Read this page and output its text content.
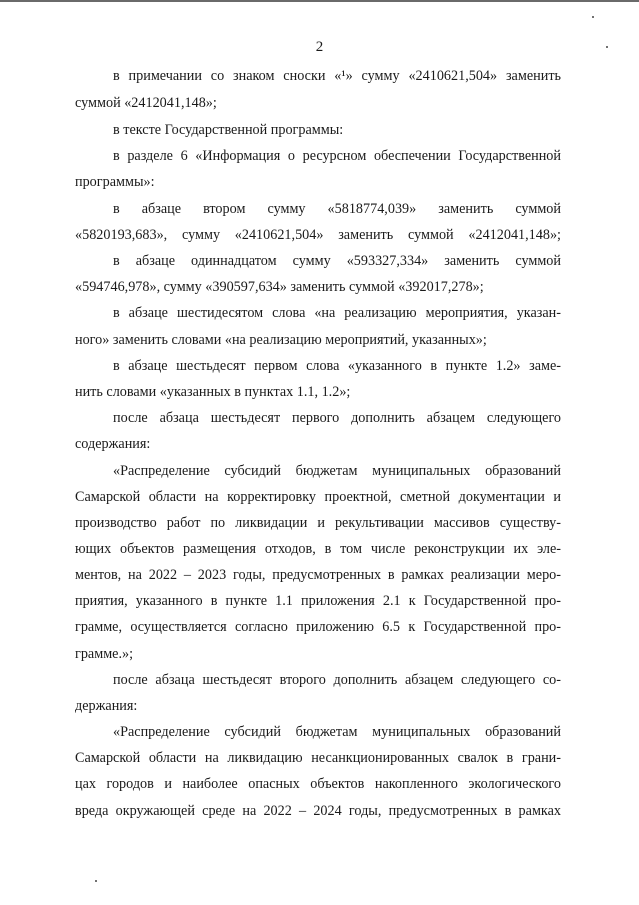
2

в примечании со знаком сноски «¹» сумму «2410621,504» заменить

суммой «2412041,148»;

в тексте Государственной программы:

в разделе 6 «Информация о ресурсном обеспечении Государственной

программы»:

в абзаце втором сумму «5818774,039» заменить суммой

«5820193,683», сумму «2410621,504» заменить суммой «2412041,148»;

в абзаце одиннадцатом сумму «593327,334» заменить суммой

«594746,978», сумму «390597,634» заменить суммой «392017,278»;

в абзаце шестидесятом слова «на реализацию мероприятия, указан-

ного» заменить словами «на реализацию мероприятий, указанных»;

в абзаце шестьдесят первом слова «указанного в пункте 1.2» заме-

нить словами «указанных в пунктах 1.1, 1.2»;

после абзаца шестьдесят первого дополнить абзацем следующего

содержания:

«Распределение субсидий бюджетам муниципальных образований

Самарской области на корректировку проектной, сметной документации и

производство работ по ликвидации и рекультивации массивов существу-

ющих объектов размещения отходов, в том числе реконструкции их эле-

ментов, на 2022 – 2023 годы, предусмотренных в рамках реализации меро-

приятия, указанного в пункте 1.1 приложения 2.1 к Государственной про-

грамме, осуществляется согласно приложению 6.5 к Государственной про-

грамме.»;

после абзаца шестьдесят второго дополнить абзацем следующего со-

держания:

«Распределение субсидий бюджетам муниципальных образований

Самарской области на ликвидацию несанкционированных свалок в грани-

цах городов и наиболее опасных объектов накопленного экологического

вреда окружающей среде на 2022 – 2024 годы, предусмотренных в рамках
